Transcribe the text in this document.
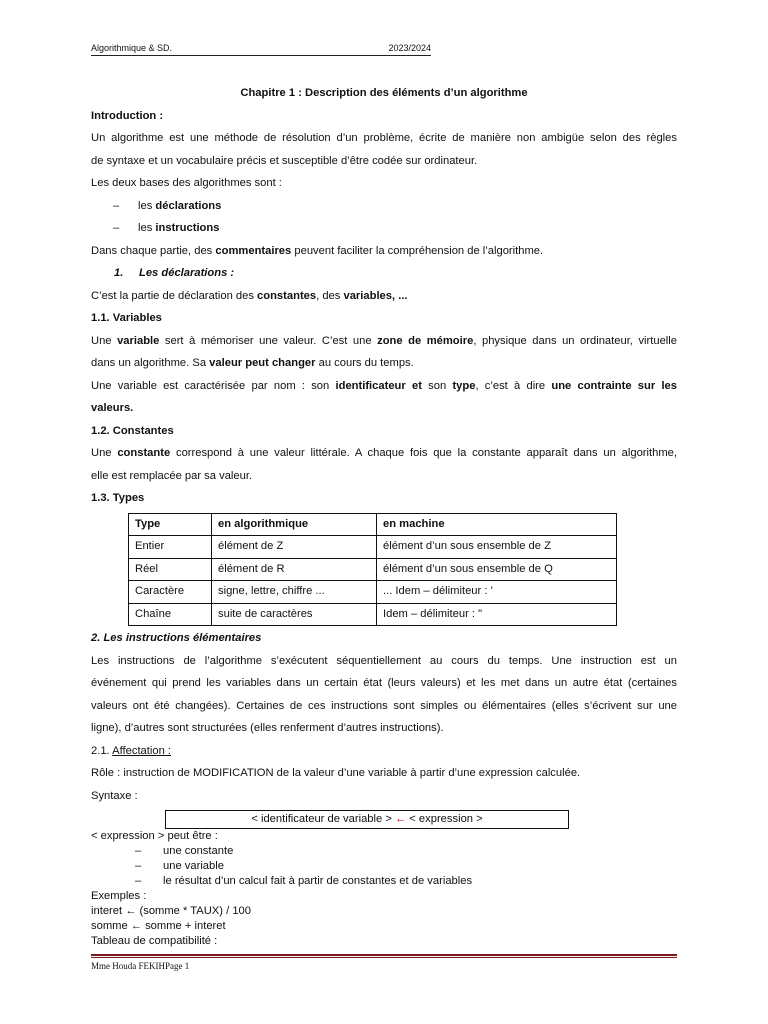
Algorithmique & SD.	2023/2024
Chapitre 1 : Description des éléments d’un algorithme
Introduction :
Un algorithme est une méthode de résolution d’un problème, écrite de manière non ambigüe selon des règles
de syntaxe et un vocabulaire précis et susceptible d’être codée sur ordinateur.
Les deux bases des algorithmes sont :
– les déclarations
– les instructions
Dans chaque partie, des commentaires peuvent faciliter la compréhension de l’algorithme.
1. Les déclarations :
C’est la partie de déclaration des constantes, des variables, ...
1.1. Variables
Une variable sert à mémoriser une valeur. C’est une zone de mémoire, physique dans un ordinateur, virtuelle
dans un algorithme. Sa valeur peut changer au cours du temps.
Une variable est caractérisée par nom : son identificateur et son type, c’est à dire une contrainte sur les
valeurs.
1.2. Constantes
Une constante correspond à une valeur littérale. A chaque fois que la constante apparaît dans un algorithme,
elle est remplacée par sa valeur.
1.3. Types
Type	en algorithmique	en machine
Entier	élément de Z	élément d’un sous ensemble de Z
Réel	élément de R	élément d’un sous ensemble de Q
Caractère	signe, lettre, chiffre ...	... Idem – délimiteur : '
Chaîne	suite de caractères	Idem – délimiteur : "
2. Les instructions élémentaires
Les instructions de l’algorithme s’exécutent séquentiellement au cours du temps. Une instruction est un
événement qui prend les variables dans un certain état (leurs valeurs) et les met dans un autre état (certaines
valeurs ont été changées). Certaines de ces instructions sont simples ou élémentaires (elles s’écrivent sur une
ligne), d’autres sont structurées (elles renferment d’autres instructions).
2.1. Affectation :
Rôle : instruction de MODIFICATION de la valeur d’une variable à partir d’une expression calculée.
Syntaxe :
< identificateur de variable > ← < expression >
< expression > peut être :
– une constante
– une variable
– le résultat d’un calcul fait à partir de constantes et de variables
Exemples :
interet ← (somme * TAUX) / 100
somme ← somme + interet
Tableau de compatibilité :
Mme Houda FEKIHPage 1
